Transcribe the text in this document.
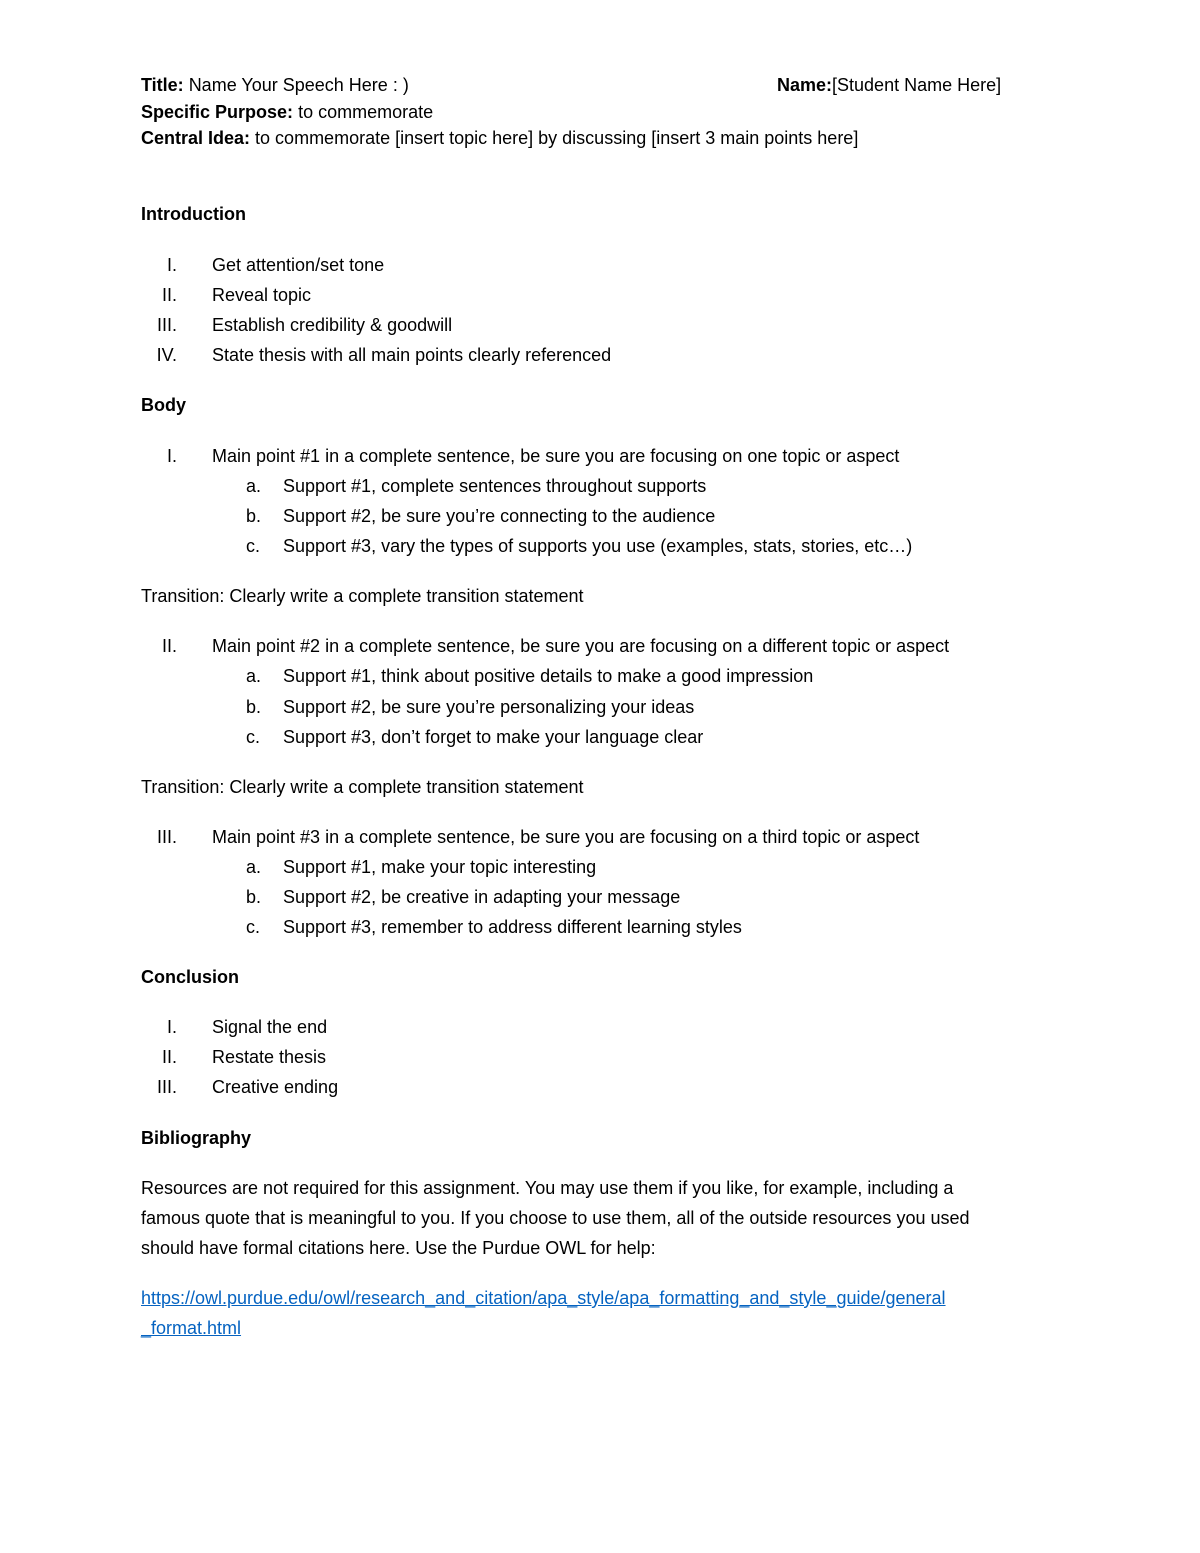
Title: Name Your Speech Here : )	Name:[Student Name Here]
Specific Purpose: to commemorate
Central Idea: to commemorate [insert topic here] by discussing [insert 3 main points here]
Introduction
I. Get attention/set tone
II. Reveal topic
III. Establish credibility & goodwill
IV. State thesis with all main points clearly referenced
Body
I. Main point #1 in a complete sentence, be sure you are focusing on one topic or aspect
a. Support #1, complete sentences throughout supports
b. Support #2, be sure you’re connecting to the audience
c. Support #3, vary the types of supports you use (examples, stats, stories, etc…)
Transition: Clearly write a complete transition statement
II. Main point #2 in a complete sentence, be sure you are focusing on a different topic or aspect
a. Support #1, think about positive details to make a good impression
b. Support #2, be sure you’re personalizing your ideas
c. Support #3, don’t forget to make your language clear
Transition: Clearly write a complete transition statement
III. Main point #3 in a complete sentence, be sure you are focusing on a third topic or aspect
a. Support #1, make your topic interesting
b. Support #2, be creative in adapting your message
c. Support #3, remember to address different learning styles
Conclusion
I. Signal the end
II. Restate thesis
III. Creative ending
Bibliography
Resources are not required for this assignment. You may use them if you like, for example, including a
famous quote that is meaningful to you. If you choose to use them, all of the outside resources you used
should have formal citations here. Use the Purdue OWL for help:
https://owl.purdue.edu/owl/research_and_citation/apa_style/apa_formatting_and_style_guide/general
_format.html
